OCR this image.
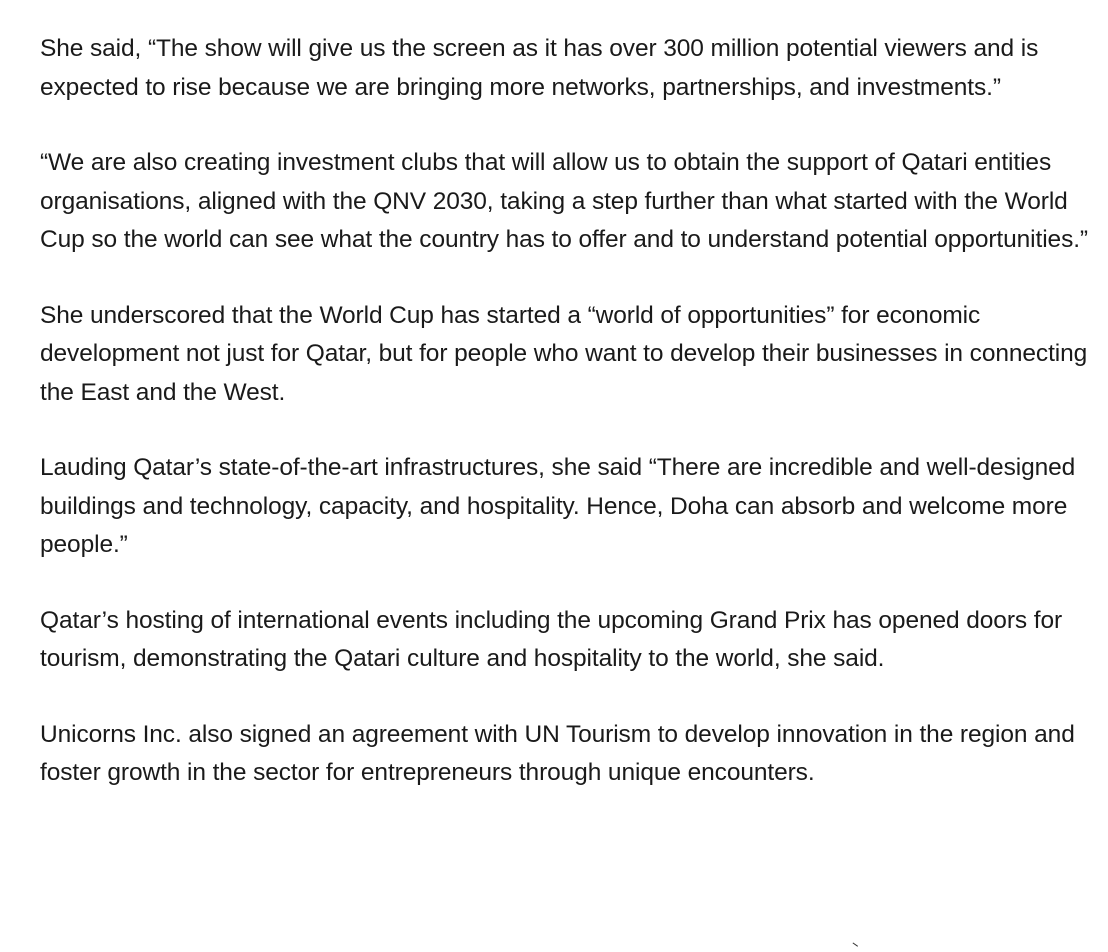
She said, “The show will give us the screen as it has over 300 million potential viewers and is expected to rise because we are bringing more networks, partnerships, and investments.”

“We are also creating investment clubs that will allow us to obtain the support of Qatari entities organisations, aligned with the QNV 2030, taking a step further than what started with the World Cup so the world can see what the country has to offer and to understand potential opportunities.”

She underscored that the World Cup has started a “world of opportunities” for economic development not just for Qatar, but for people who want to develop their businesses in connecting the East and the West.

Lauding Qatar’s state-of-the-art infrastructures, she said “There are incredible and well-designed buildings and technology, capacity, and hospitality. Hence, Doha can absorb and welcome more people.”

Qatar’s hosting of international events including the upcoming Grand Prix has opened doors for tourism, demonstrating the Qatari culture and hospitality to the world, she said.

Unicorns Inc. also signed an agreement with UN Tourism to develop innovation in the region and foster growth in the sector for entrepreneurs through unique encounters.
